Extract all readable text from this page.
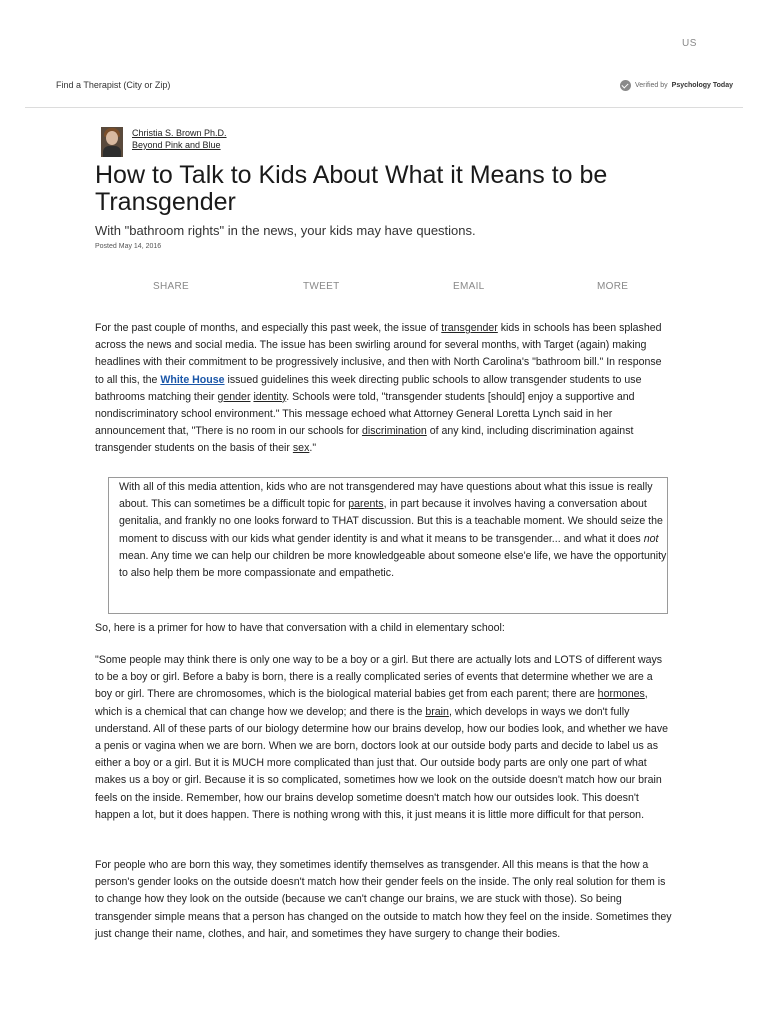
US
Find a Therapist (City or Zip)	Verified by Psychology Today
Christia S. Brown Ph.D.
Beyond Pink and Blue
How to Talk to Kids About What it Means to be Transgender
With "bathroom rights" in the news, your kids may have questions.
Posted May 14, 2016
SHARE	TWEET	EMAIL	MORE

For the past couple of months, and especially this past week, the issue of transgender kids in schools has been splashed across the news and social media. The issue has been swirling around for several months, with Target (again) making headlines with their commitment to be progressively inclusive, and then with North Carolina's "bathroom bill." In response to all this, the White House issued guidelines this week directing public schools to allow transgender students to use bathrooms matching their gender identity. Schools were told, "transgender students [should] enjoy a supportive and nondiscriminatory school environment." This message echoed what Attorney General Loretta Lynch said in her announcement that, "There is no room in our schools for discrimination of any kind, including discrimination against transgender students on the basis of their sex."

With all of this media attention, kids who are not transgendered may have questions about what this issue is really about. This can sometimes be a difficult topic for parents, in part because it involves having a conversation about genitalia, and frankly no one looks forward to THAT discussion. But this is a teachable moment. We should seize the moment to discuss with our kids what gender identity is and what it means to be transgender... and what it does not mean. Any time we can help our children be more knowledgeable about someone else'e life, we have the opportunity to also help them be more compassionate and empathetic.

So, here is a primer for how to have that conversation with a child in elementary school:

"Some people may think there is only one way to be a boy or a girl. But there are actually lots and LOTS of different ways to be a boy or girl. Before a baby is born, there is a really complicated series of events that determine whether we are a boy or girl. There are chromosomes, which is the biological material babies get from each parent; there are hormones, which is a chemical that can change how we develop; and there is the brain, which develops in ways we don't fully understand. All of these parts of our biology determine how our brains develop, how our bodies look, and whether we have a penis or vagina when we are born. When we are born, doctors look at our outside body parts and decide to label us as either a boy or a girl. But it is MUCH more complicated than just that. Our outside body parts are only one part of what makes us a boy or girl. Because it is so complicated, sometimes how we look on the outside doesn't match how our brain feels on the inside. Remember, how our brains develop sometime doesn't match how our outsides look. This doesn't happen a lot, but it does happen. There is nothing wrong with this, it just means it is little more difficult for that person.

For people who are born this way, they sometimes identify themselves as transgender. All this means is that the how a person's gender looks on the outside doesn't match how their gender feels on the inside. The only real solution for them is to change how they look on the outside (because we can't change our brains, we are stuck with those). So being transgender simple means that a person has changed on the outside to match how they feel on the inside. Sometimes they just change their name, clothes, and hair, and sometimes they have surgery to change their bodies.
